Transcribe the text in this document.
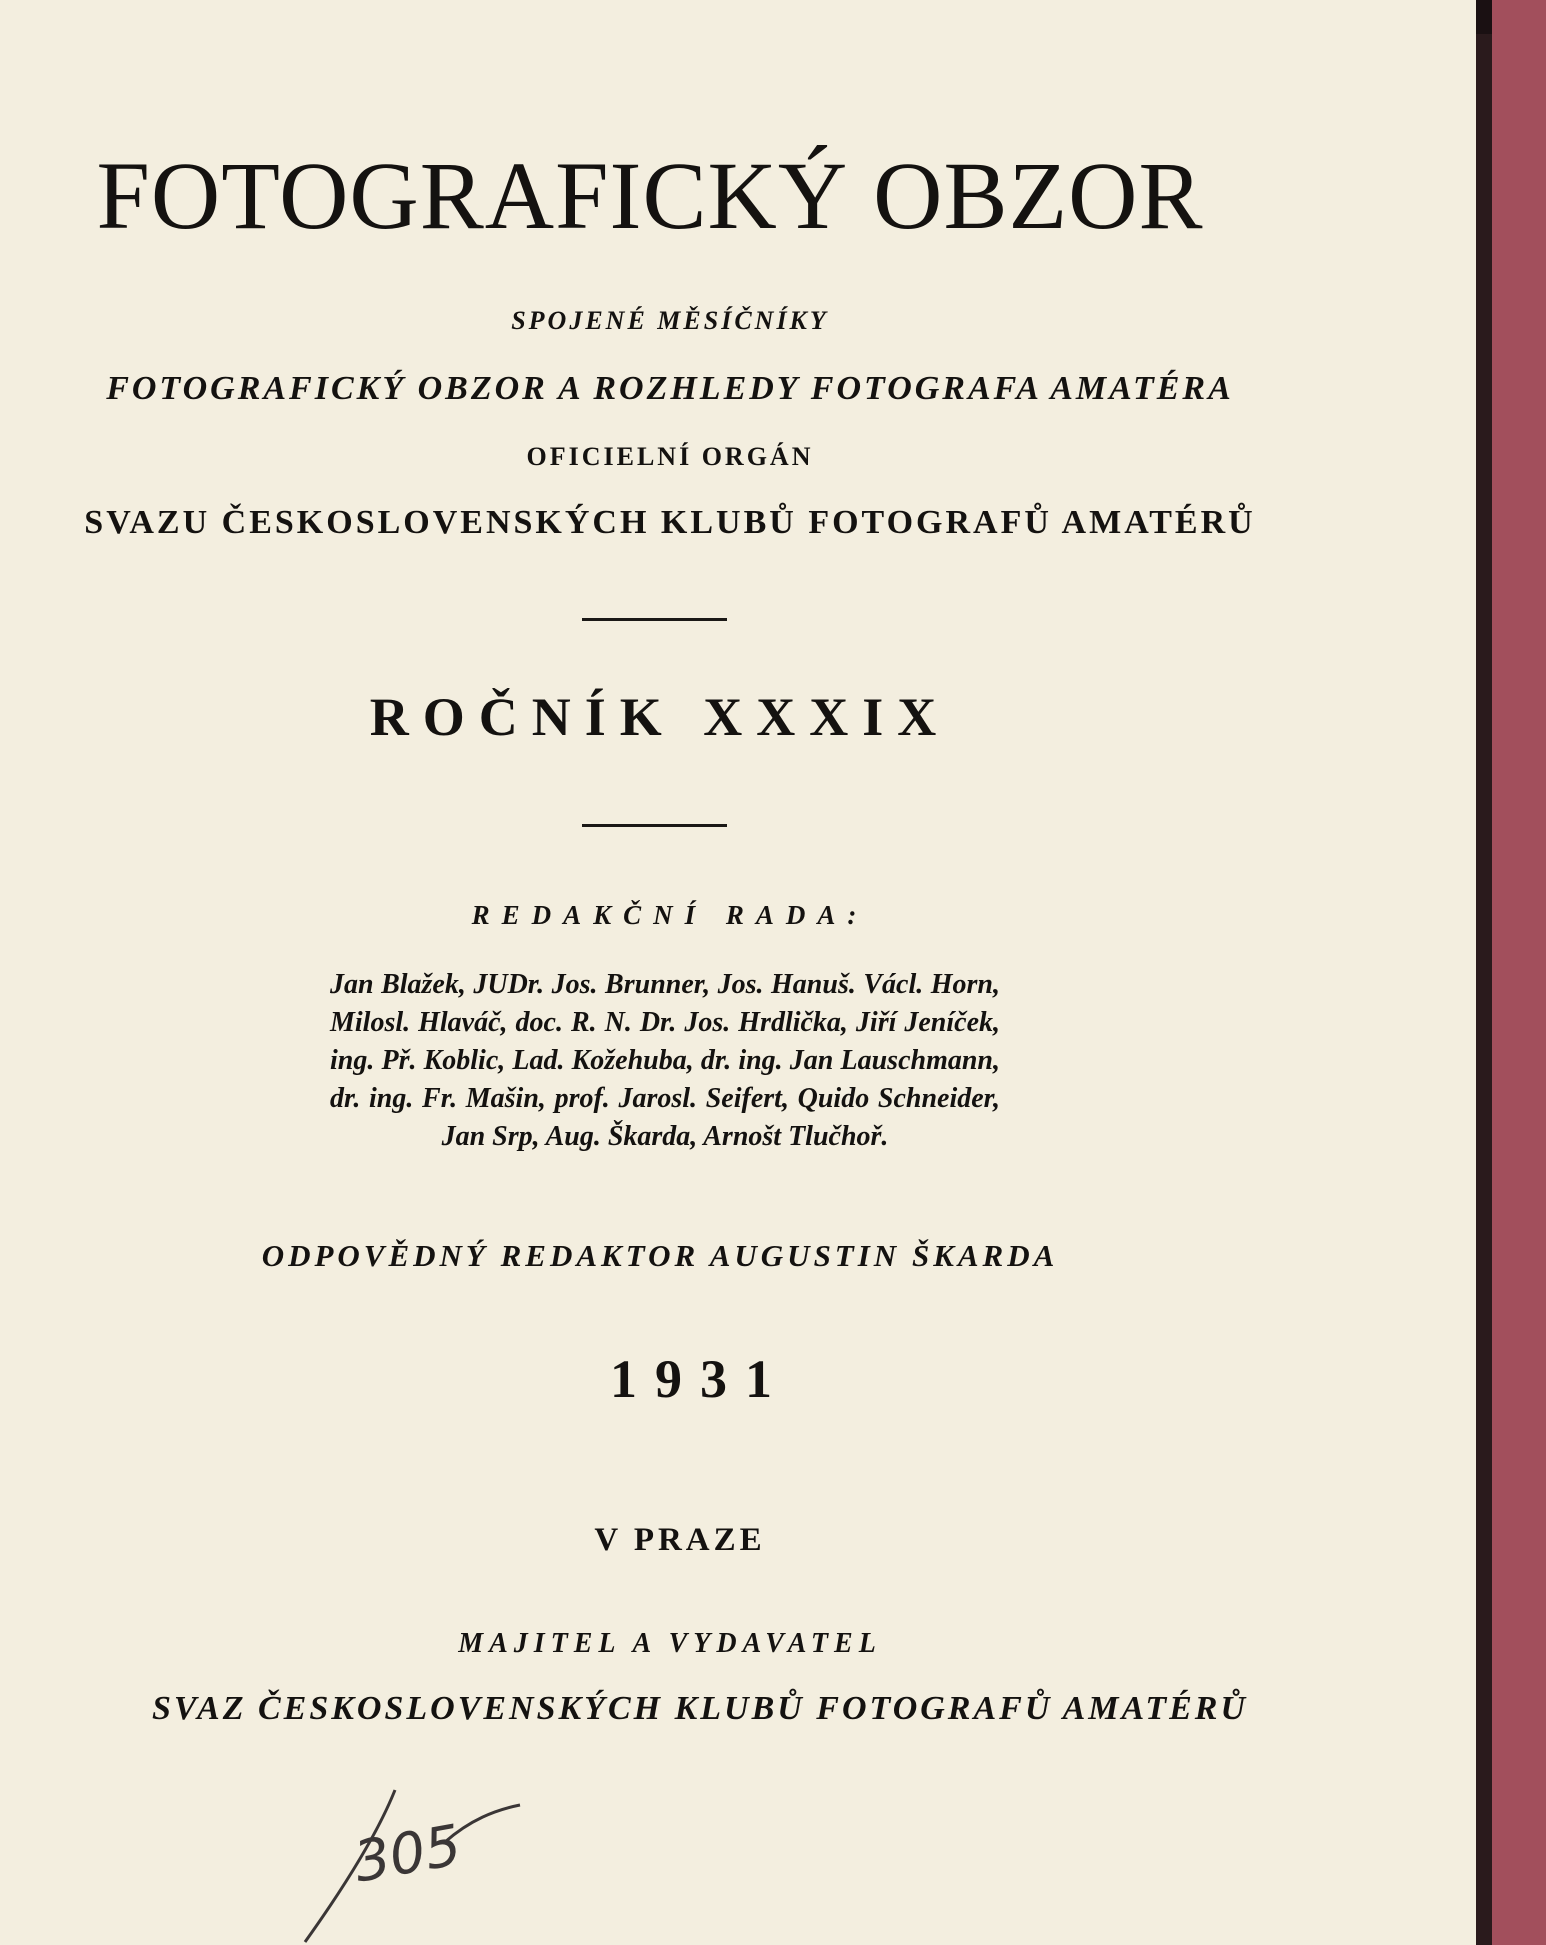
FOTOGRAFICKÝ OBZOR
SPOJENÉ MĚSÍČNÍKY
FOTOGRAFICKÝ OBZOR A ROZHLEDY FOTOGRAFA AMATÉRA
OFICIELNÍ ORGÁN
SVAZU ČESKOSLOVENSKÝCH KLUBŮ FOTOGRAFŮ AMATÉRŮ
ROČNÍK XXXIX
REDAKČNÍ RADA:
Jan Blažek, JUDr. Jos. Brunner, Jos. Hanuš. Václ. Horn, Milosl. Hlaváč, doc. R. N. Dr. Jos. Hrdlička, Jiří Jeníček, ing. Př. Koblic, Lad. Kožehuba, dr. ing. Jan Lauschmann, dr. ing. Fr. Mašin, prof. Jarosl. Seifert, Quido Schneider, Jan Srp, Aug. Škarda, Arnošt Tlučhoř.
ODPOVĚDNÝ REDAKTOR AUGUSTIN ŠKARDA
1931
V PRAZE
MAJITEL A VYDAVATEL
SVAZ ČESKOSLOVENSKÝCH KLUBŮ FOTOGRAFŮ AMATÉRŮ
305
